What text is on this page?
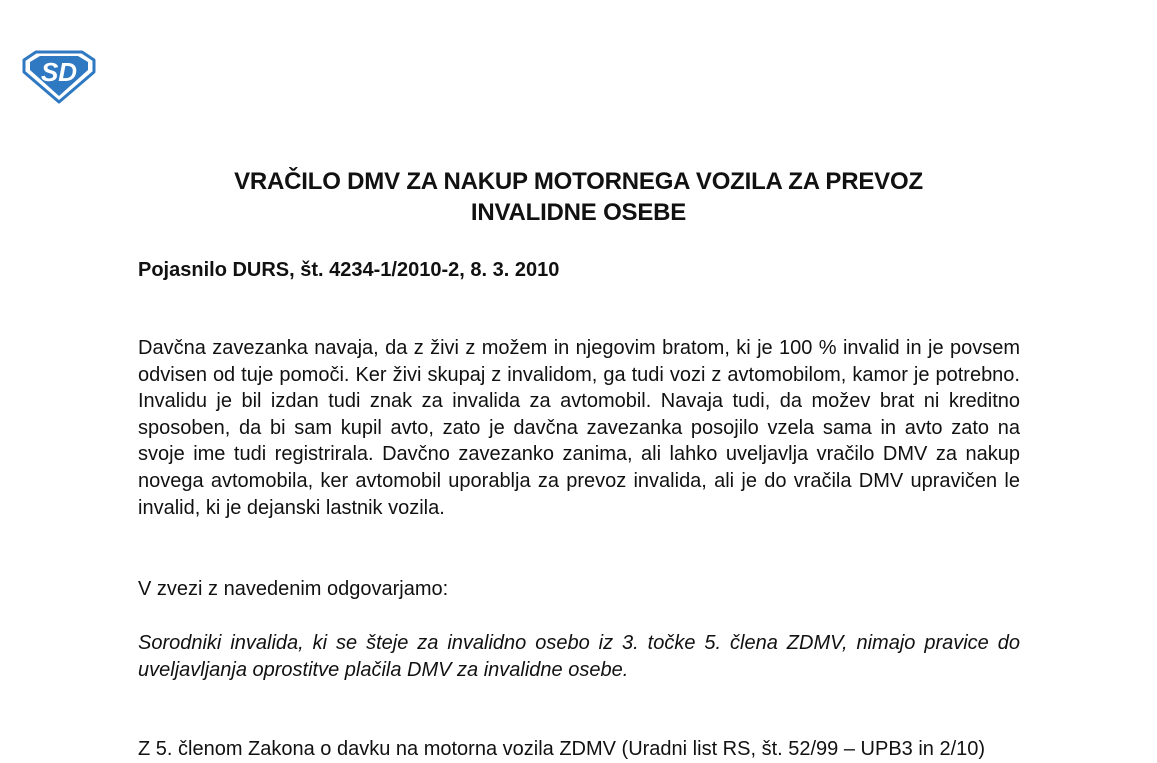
SD
VRAČILO DMV ZA NAKUP MOTORNEGA VOZILA ZA PREVOZ
INVALIDNE OSEBE

Pojasnilo DURS, št. 4234-1/2010-2, 8. 3. 2010

Davčna zavezanka navaja, da z živi z možem in njegovim bratom, ki je 100 % invalid in je povsem odvisen od tuje pomoči. Ker živi skupaj z invalidom, ga tudi vozi z avtomobilom, kamor je potrebno. Invalidu je bil izdan tudi znak za invalida za avtomobil. Navaja tudi, da možev brat ni kreditno sposoben, da bi sam kupil avto, zato je davčna zavezanka posojilo vzela sama in avto zato na svoje ime tudi registrirala. Davčno zavezanko zanima, ali lahko uveljavlja vračilo DMV za nakup novega avtomobila, ker avtomobil uporablja za prevoz invalida, ali je do vračila DMV upravičen le invalid, ki je dejanski lastnik vozila.

V zvezi z navedenim odgovarjamo:

Sorodniki invalida, ki se šteje za invalidno osebo iz 3. točke 5. člena ZDMV, nimajo pravice do uveljavljanja oprostitve plačila DMV za invalidne osebe.

Z 5. členom Zakona o davku na motorna vozila ZDMV (Uradni list RS, št. 52/99 – UPB3 in 2/10)
